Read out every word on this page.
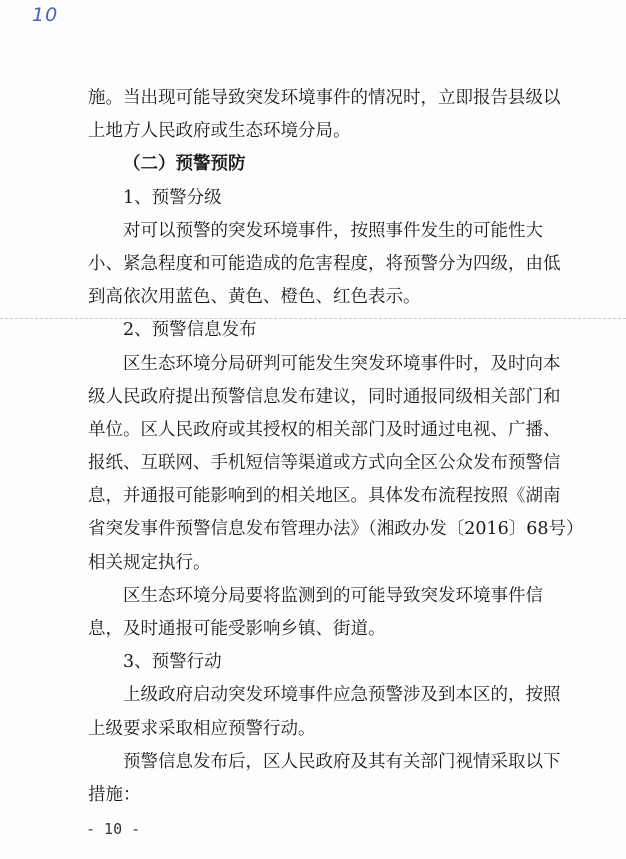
10
施。当出现可能导致突发环境事件的情况时，立即报告县级以
上地方人民政府或生态环境分局。
（二）预警预防
1、预警分级
对可以预警的突发环境事件，按照事件发生的可能性大
小、紧急程度和可能造成的危害程度，将预警分为四级，由低
到高依次用蓝色、黄色、橙色、红色表示。
2、预警信息发布
区生态环境分局研判可能发生突发环境事件时，及时向本
级人民政府提出预警信息发布建议，同时通报同级相关部门和
单位。区人民政府或其授权的相关部门及时通过电视、广播、
报纸、互联网、手机短信等渠道或方式向全区公众发布预警信
息，并通报可能影响到的相关地区。具体发布流程按照《湖南
省突发事件预警信息发布管理办法》（湘政办发〔2016〕68号）
相关规定执行。
区生态环境分局要将监测到的可能导致突发环境事件信
息，及时通报可能受影响乡镇、街道。
3、预警行动
上级政府启动突发环境事件应急预警涉及到本区的，按照
上级要求采取相应预警行动。
预警信息发布后，区人民政府及其有关部门视情采取以下
措施：
- 10 -
